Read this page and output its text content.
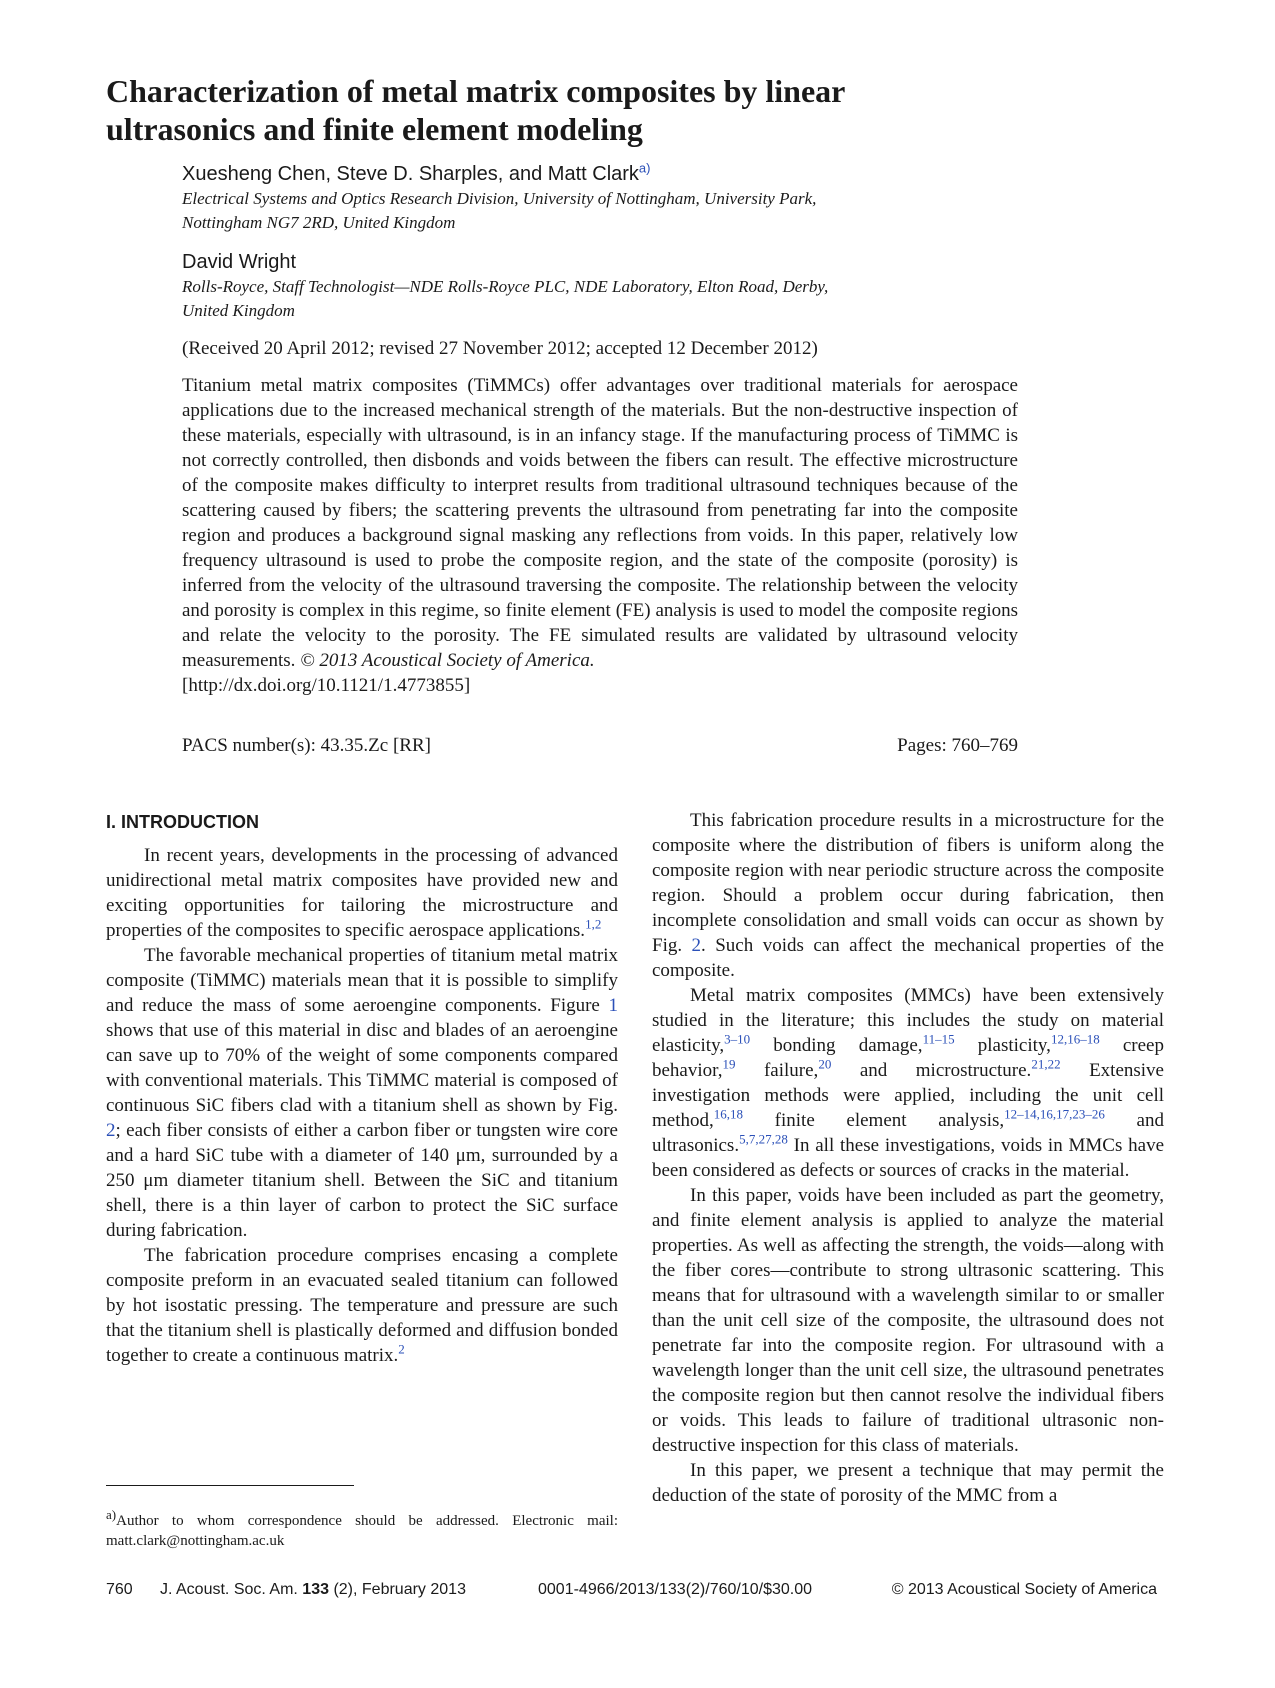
Characterization of metal matrix composites by linear
ultrasonics and finite element modeling
Xuesheng Chen, Steve D. Sharples, and Matt Clark$^{a)}$
Electrical Systems and Optics Research Division, University of Nottingham, University Park,
Nottingham NG7 2RD, United Kingdom
David Wright
Rolls-Royce, Staff Technologist—NDE Rolls-Royce PLC, NDE Laboratory, Elton Road, Derby,
United Kingdom
(Received 20 April 2012; revised 27 November 2012; accepted 12 December 2012)

Titanium metal matrix composites (TiMMCs) offer advantages over traditional materials for aerospace applications due to the increased mechanical strength of the materials. But the non-destructive inspection of these materials, especially with ultrasound, is in an infancy stage. If the manufacturing process of TiMMC is not correctly controlled, then disbonds and voids between the fibers can result. The effective microstructure of the composite makes difficulty to interpret results from traditional ultrasound techniques because of the scattering caused by fibers; the scattering prevents the ultrasound from penetrating far into the composite region and produces a background signal masking any reflections from voids. In this paper, relatively low frequency ultrasound is used to probe the composite region, and the state of the composite (porosity) is inferred from the velocity of the ultrasound traversing the composite. The relationship between the velocity and porosity is complex in this regime, so finite element (FE) analysis is used to model the composite regions and relate the velocity to the porosity. The FE simulated results are validated by ultrasound velocity measurements. © 2013 Acoustical Society of America.
[http://dx.doi.org/10.1121/1.4773855]

PACS number(s): 43.35.Zc [RR]	Pages: 760–769
I. INTRODUCTION

In recent years, developments in the processing of advanced unidirectional metal matrix composites have provided new and exciting opportunities for tailoring the microstructure and properties of the composites to specific aerospace applications.$^{1,2}$

The favorable mechanical properties of titanium metal matrix composite (TiMMC) materials mean that it is possible to simplify and reduce the mass of some aeroengine components. Figure 1 shows that use of this material in disc and blades of an aeroengine can save up to 70% of the weight of some components compared with conventional materials. This TiMMC material is composed of continuous SiC fibers clad with a titanium shell as shown by Fig. 2; each fiber consists of either a carbon fiber or tungsten wire core and a hard SiC tube with a diameter of 140 μm, surrounded by a 250 μm diameter titanium shell. Between the SiC and titanium shell, there is a thin layer of carbon to protect the SiC surface during fabrication.

The fabrication procedure comprises encasing a complete composite preform in an evacuated sealed titanium can followed by hot isostatic pressing. The temperature and pressure are such that the titanium shell is plastically deformed and diffusion bonded together to create a continuous matrix.$^2$

This fabrication procedure results in a microstructure for the composite where the distribution of fibers is uniform along the composite region with near periodic structure across the composite region. Should a problem occur during fabrication, then incomplete consolidation and small voids can occur as shown by Fig. 2. Such voids can affect the mechanical properties of the composite.

Metal matrix composites (MMCs) have been extensively studied in the literature; this includes the study on material elasticity,$^{3-10}$ bonding damage,$^{11-15}$ plasticity,$^{12,16-18}$ creep behavior,$^{19}$ failure,$^{20}$ and microstructure.$^{21,22}$ Extensive investigation methods were applied, including the unit cell method,$^{16,18}$ finite element analysis,$^{12-14,16,17,23-26}$ and ultrasonics.$^{5,7,27,28}$ In all these investigations, voids in MMCs have been considered as defects or sources of cracks in the material.

In this paper, voids have been included as part the geometry, and finite element analysis is applied to analyze the material properties. As well as affecting the strength, the voids—along with the fiber cores—contribute to strong ultrasonic scattering. This means that for ultrasound with a wavelength similar to or smaller than the unit cell size of the composite, the ultrasound does not penetrate far into the composite region. For ultrasound with a wavelength longer than the unit cell size, the ultrasound penetrates the composite region but then cannot resolve the individual fibers or voids. This leads to failure of traditional ultrasonic non-destructive inspection for this class of materials.

In this paper, we present a technique that may permit the deduction of the state of porosity of the MMC from a

a)Author to whom correspondence should be addressed. Electronic mail: matt.clark@nottingham.ac.uk
760 J. Acoust. Soc. Am. 133 (2), February 2013	0001-4966/2013/133(2)/760/10/$30.00	© 2013 Acoustical Society of America
